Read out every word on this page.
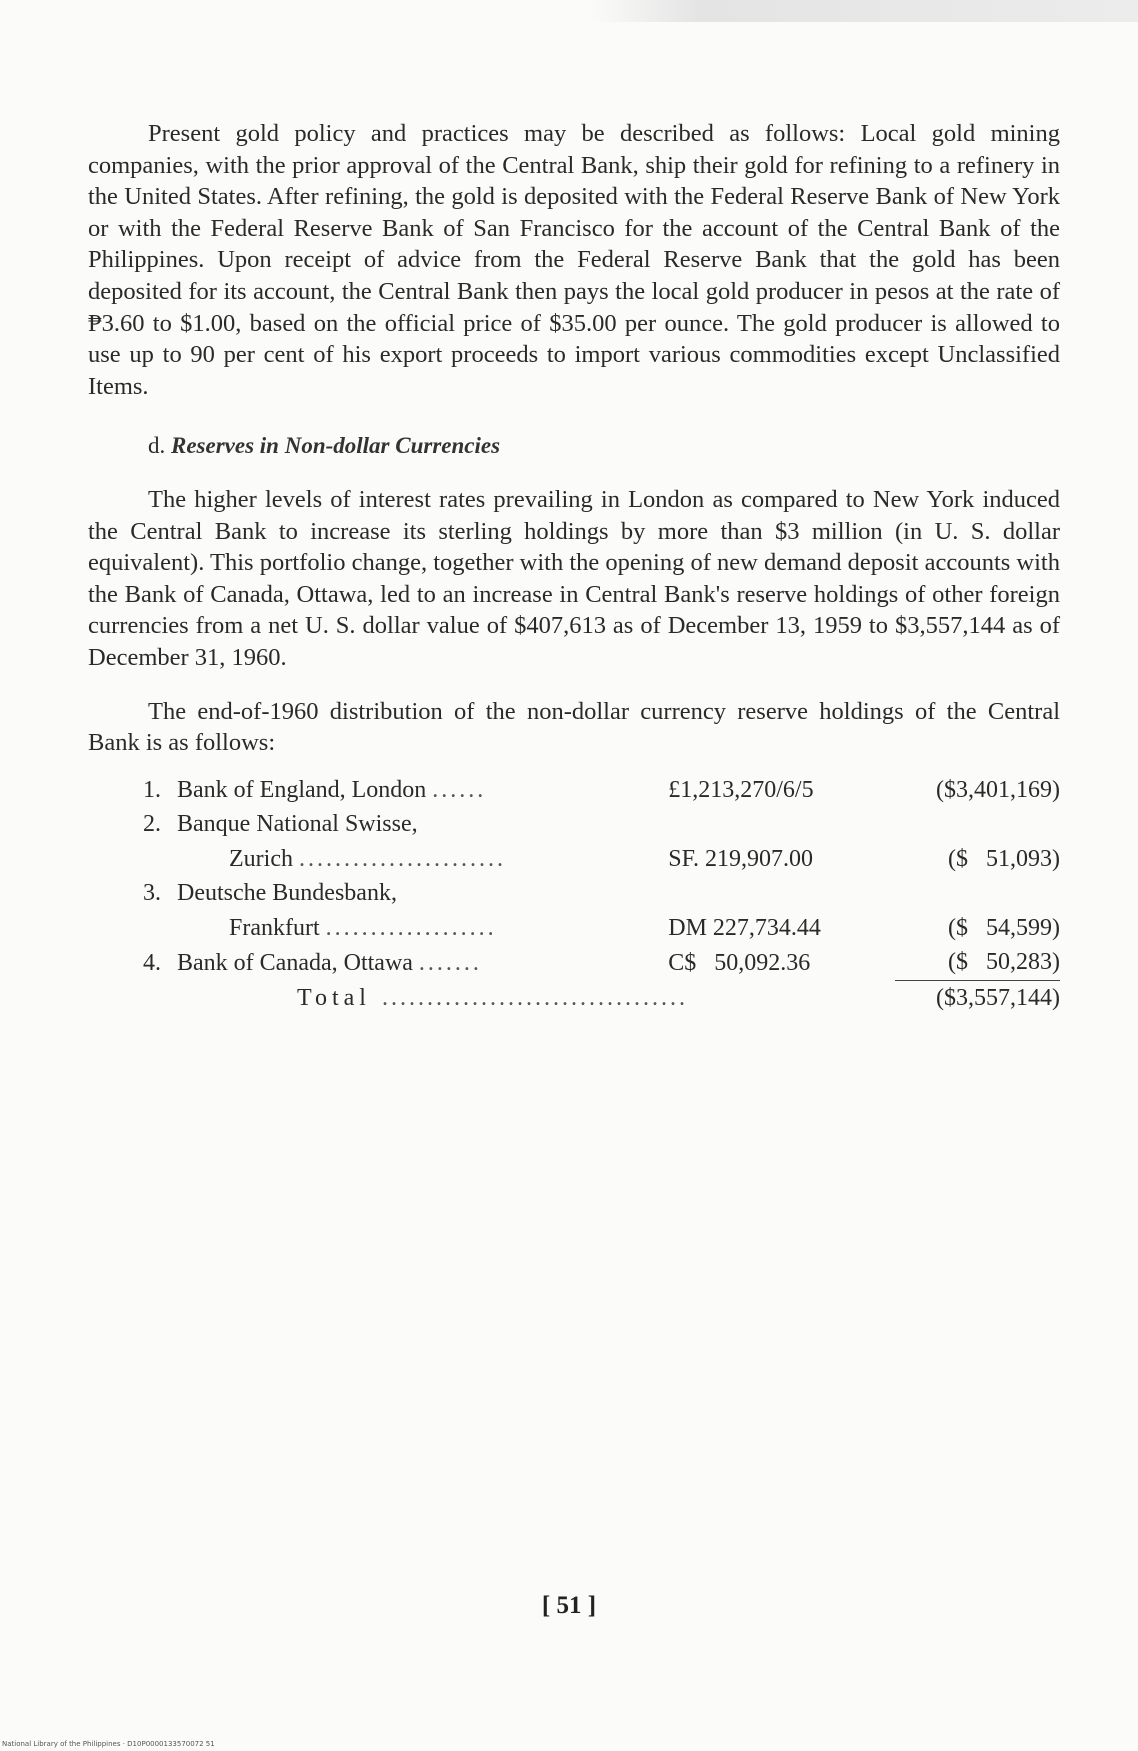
Present gold policy and practices may be described as follows: Local gold mining companies, with the prior approval of the Central Bank, ship their gold for refining to a refinery in the United States. After refining, the gold is deposited with the Federal Reserve Bank of New York or with the Federal Reserve Bank of San Francisco for the account of the Central Bank of the Philippines. Upon receipt of advice from the Federal Reserve Bank that the gold has been deposited for its account, the Central Bank then pays the local gold producer in pesos at the rate of ₱3.60 to $1.00, based on the official price of $35.00 per ounce. The gold producer is allowed to use up to 90 per cent of his export proceeds to import various commodities except Unclassified Items.

d. Reserves in Non-dollar Currencies

The higher levels of interest rates prevailing in London as compared to New York induced the Central Bank to increase its sterling holdings by more than $3 million (in U. S. dollar equivalent). This portfolio change, together with the opening of new demand deposit accounts with the Bank of Canada, Ottawa, led to an increase in Central Bank's reserve holdings of other foreign currencies from a net U. S. dollar value of $407,613 as of December 13, 1959 to $3,557,144 as of December 31, 1960.

The end-of-1960 distribution of the non-dollar currency reserve holdings of the Central Bank is as follows:

1.	Bank of England, London ......	£1,213,270/6/5	($3,401,169)
2.	Banque National Swisse,		
	Zurich .......................	SF. 219,907.00	($   51,093)
3.	Deutsche Bundesbank,		
	Frankfurt ...................	DM 227,734.44	($   54,599)
4.	Bank of Canada, Ottawa .......	C$   50,092.36	($   50,283)
	Total ..................................		($3,557,144)
[ 51 ]
National Library of the Philippines · D10P0000133570072 51
